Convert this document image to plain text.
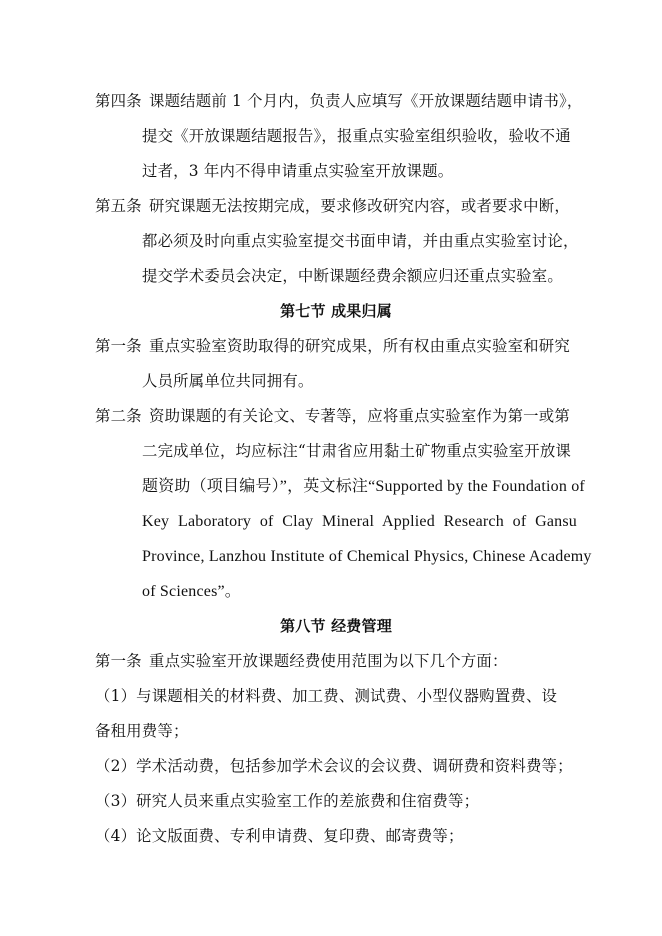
第四条 课题结题前 1 个月内，负责人应填写《开放课题结题申请书》，
提交《开放课题结题报告》，报重点实验室组织验收，验收不通
过者，3 年内不得申请重点实验室开放课题。
第五条 研究课题无法按期完成，要求修改研究内容，或者要求中断，
都必须及时向重点实验室提交书面申请，并由重点实验室讨论，
提交学术委员会决定，中断课题经费余额应归还重点实验室。
第七节 成果归属
第一条 重点实验室资助取得的研究成果，所有权由重点实验室和研究
人员所属单位共同拥有。
第二条 资助课题的有关论文、专著等，应将重点实验室作为第一或第
二完成单位，均应标注“甘肃省应用黏土矿物重点实验室开放课
题资助（项目编号）”，英文标注“Supported by the Foundation of
Key Laboratory of Clay Mineral Applied Research of Gansu
Province, Lanzhou Institute of Chemical Physics, Chinese Academy
of Sciences”。
第八节 经费管理
第一条 重点实验室开放课题经费使用范围为以下几个方面：
（1）与课题相关的材料费、加工费、测试费、小型仪器购置费、设
备租用费等；
（2）学术活动费，包括参加学术会议的会议费、调研费和资料费等；
（3）研究人员来重点实验室工作的差旅费和住宿费等；
（4）论文版面费、专利申请费、复印费、邮寄费等；
